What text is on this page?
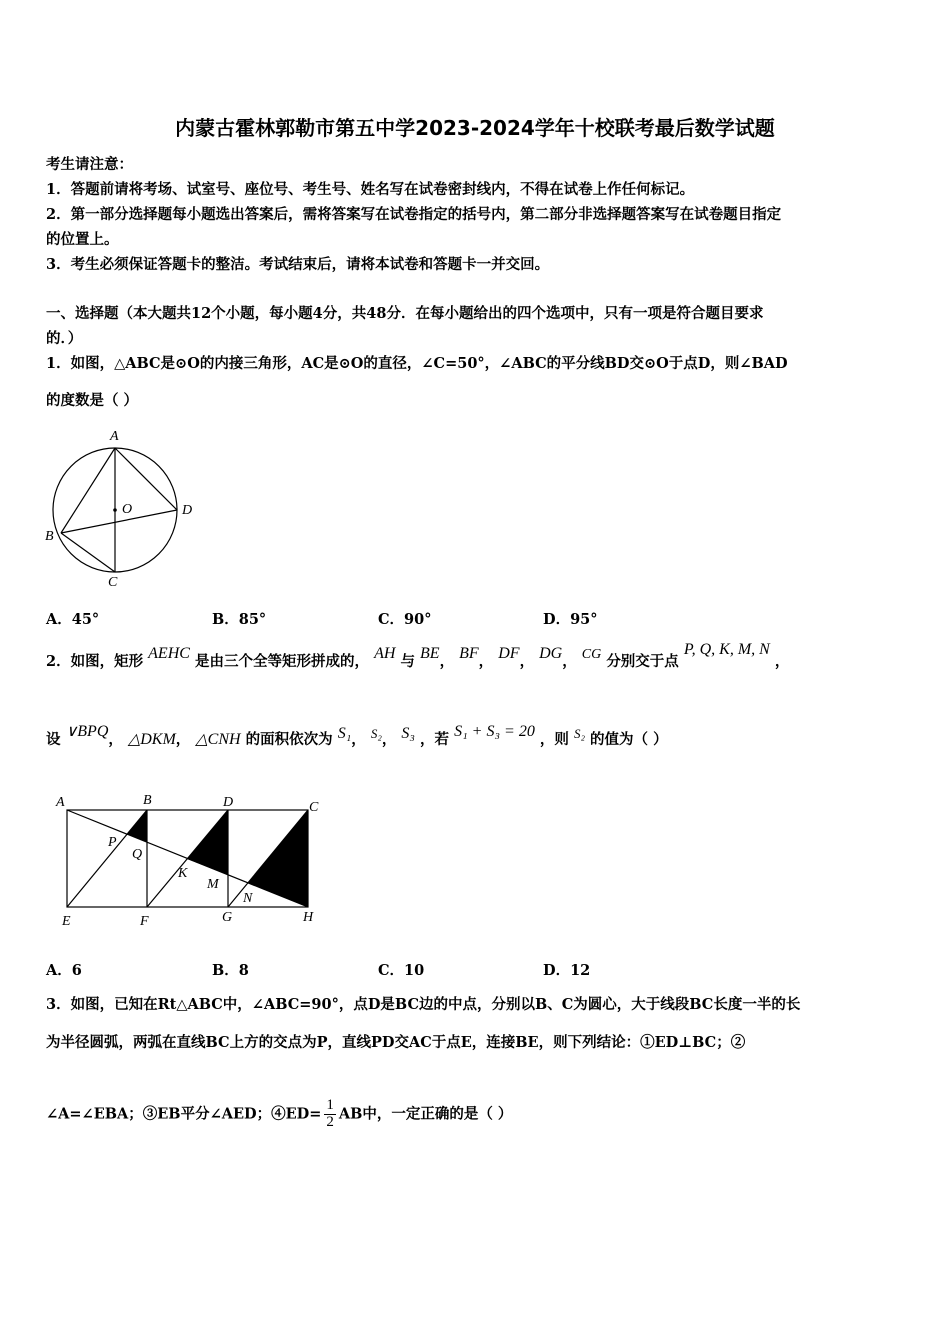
内蒙古霍林郭勒市第五中学2023-2024学年十校联考最后数学试题
考生请注意：
1．答题前请将考场、试室号、座位号、考生号、姓名写在试卷密封线内，不得在试卷上作任何标记。
2．第一部分选择题每小题选出答案后，需将答案写在试卷指定的括号内，第二部分非选择题答案写在试卷题目指定
的位置上。
3．考生必须保证答题卡的整洁。考试结束后，请将本试卷和答题卡一并交回。
一、选择题（本大题共12个小题，每小题4分，共48分．在每小题给出的四个选项中，只有一项是符合题目要求
的．）
1．如图，△ABC是⊙O的内接三角形，AC是⊙O的直径，∠C=50°，∠ABC的平分线BD交⊙O于点D，则∠BAD
的度数是（ ）
A
O	D
B
C
A．45°	B．85°	C．90°	D．95°
2．如图，矩形 AEHC 是由三个全等矩形拼成的， AH 与 BE， BF， DF， DG， CG 分别交于点 P, Q, K, M, N ，
设 ∨BPQ， △DKM， △CNH 的面积依次为 S₁， S₂， S₃ ，若 S₁ + S₃ = 20 ，则 S₂ 的值为（ ）
A	B	D	C
P
Q
K
M
N
E	F	G	H
A．6	B．8	C．10	D．12
3．如图，已知在Rt△ABC中，∠ABC=90°，点D是BC边的中点，分别以B、C为圆心，大于线段BC长度一半的长
为半径圆弧，两弧在直线BC上方的交点为P，直线PD交AC于点E，连接BE，则下列结论：①ED⊥BC；②
∠A=∠EBA；③EB平分∠AED；④ED= $\frac{1}{2}$ AB中，一定正确的是（ ）
